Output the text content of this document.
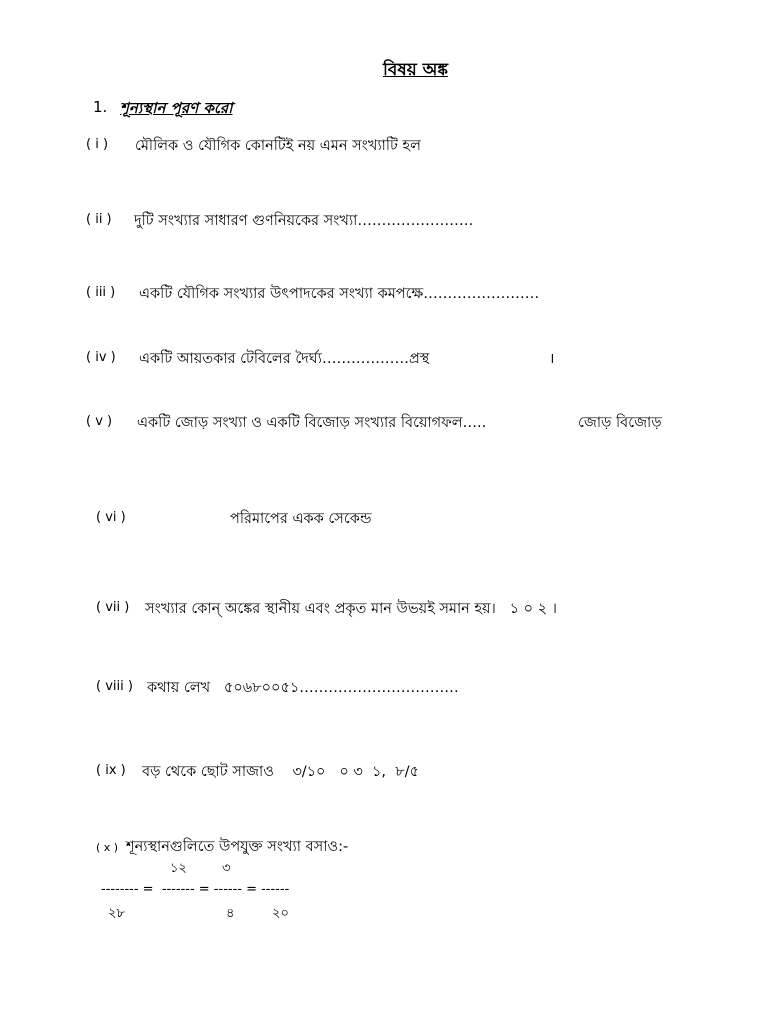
বিষয় অঙ্ক
1. শূন্যস্থান পূরণ করো
( i ) মৌলিক ও যৌগিক কোনটিই নয় এমন সংখ্যাটি হল
( ii ) দুটি সংখ্যার সাধারণ গুণনিয়কের সংখ্যা……………………
( iii ) একটি যৌগিক সংখ্যার উৎপাদকের সংখ্যা কমপক্ষে……………………
( iv ) একটি আয়তকার টেবিলের দৈর্ঘ্য………………প্রস্থ	।
( v ) একটি জোড় সংখ্যা ও একটি বিজোড় সংখ্যার বিয়োগফল…..	জোড় বিজোড়
( vi )	পরিমাপের একক সেকেন্ড
( vii ) সংখ্যার কোন্ অঙ্কের স্থানীয় এবং প্রকৃত মান উভয়ই সমান হয়।   ১ ০ ২ ।
( viii ) কথায় লেখ   ৫০৬৮০০৫১……………………………
( ix ) বড় থেকে ছোট সাজাও    ৩/১০   ০ ৩  ১,  ৮/৫
( x ) শূন্যস্থানগুলিতে উপযুক্ত সংখ্যা বসাও:-
১২	৩
-------- =  ------- = ------ = ------
২৮	৪	২০
